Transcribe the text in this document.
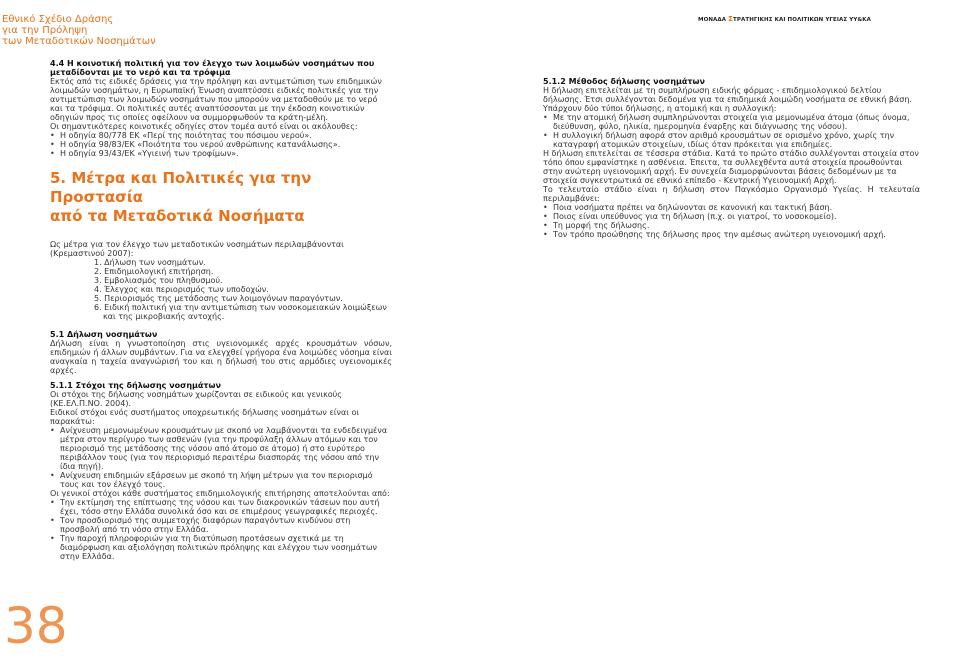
Εθνικό Σχέδιο Δράσης
για την Πρόληψη
των Μεταδοτικών Νοσημάτων
ΜΟΝΑΔΑ ΣΤΡΑΤΗΓΙΚΗΣ ΚΑΙ ΠΟΛΙΤΙΚΩΝ ΥΓΕΙΑΣ ΥΥ&ΚΑ
4.4 Η κοινοτική πολιτική για τον έλεγχο των λοιμωδών νοσημάτων που μεταδίδονται με το νερό και τα τρόφιμα

Εκτός από τις ειδικές δράσεις για την πρόληψη και αντιμετώπιση των επιδημικών λοιμωδών νοσημάτων, η Ευρωπαϊκή Ένωση αναπτύσσει ειδικές πολιτικές για την αντιμετώπιση των λοιμωδών νοσημάτων που μπορούν να μεταδοθούν με το νερό και τα τρόφιμα. Οι πολιτικές αυτές αναπτύσσονται με την έκδοση κοινοτικών οδηγιών προς τις οποίες οφείλουν να συμμορφωθούν τα κράτη-μέλη.

Οι σημαντικότερες κοινοτικές οδηγίες στον τομέα αυτό είναι οι ακόλουθες:

• Η οδηγία 80/778 ΕΚ «Περί της ποιότητας του πόσιμου νερού».
• Η οδηγία 98/83/ΕΚ «Ποιότητα του νερού ανθρώπινης κατανάλωσης».
• Η οδηγία 93/43/ΕΚ «Υγιεινή των τροφίμων».
5. Μέτρα και Πολιτικές για την Προστασία
από τα Μεταδοτικά Νοσήματα

Ως μέτρα για τον έλεγχο των μεταδοτικών νοσημάτων περιλαμβάνονται (Κρεμαστινού 2007):

1. Δήλωση των νοσημάτων.
2. Επιδημιολογική επιτήρηση.
3. Εμβολιασμός του πληθυσμού.
4. Έλεγχος και περιορισμός των υποδοχών.
5. Περιορισμός της μετάδοσης των λοιμογόνων παραγόντων.
6. Ειδική πολιτική για την αντιμετώπιση των νοσοκομειακών λοιμώξεων και της μικροβιακής αντοχής.
5.1 Δήλωση νοσημάτων

Δήλωση είναι η γνωστοποίηση στις υγειονομικές αρχές κρουσμάτων νόσων, επιδημιών ή άλλων συμβάντων. Για να ελεγχθεί γρήγορα ένα λοιμώδες νόσημα είναι αναγκαία η ταχεία αναγνώρισή του και η δήλωσή του στις αρμόδιες υγειονομικές αρχές.

5.1.1 Στόχοι της δήλωσης νοσημάτων

Οι στόχοι της δήλωσης νοσημάτων χωρίζονται σε ειδικούς και γενικούς (ΚΕ.ΕΛ.Π.ΝΟ. 2004).

Ειδικοί στόχοι ενός συστήματος υποχρεωτικής δήλωσης νοσημάτων είναι οι παρακάτω:

• Ανίχνευση μεμονωμένων κρουσμάτων με σκοπό να λαμβάνονται τα ενδεδειγμένα μέτρα στον περίγυρο των ασθενών (για την προφύλαξη άλλων ατόμων και τον περιορισμό της μετάδοσης της νόσου από άτομο σε άτομο) ή στο ευρύτερο περιβάλλον τους (για τον περιορισμό περαιτέρω διασποράς της νόσου από την ίδια πηγή).
• Ανίχνευση επιδημιών εξάρσεων με σκοπό τη λήψη μέτρων για τον περιορισμό τους και τον έλεγχό τους.

Οι γενικοί στόχοι κάθε συστήματος επιδημιολογικής επιτήρησης αποτελούνται από:

• Την εκτίμηση της επίπτωσης της νόσου και των διακρονικών τάσεων που αυτή έχει, τόσο στην Ελλάδα συνολικά όσο και σε επιμέρους γεωγραφικές περιοχές.
• Τον προσδιορισμό της συμμετοχής διαφόρων παραγόντων κινδύνου στη προσβολή από τη νόσο στην Ελλάδα.
• Την παροχή πληροφοριών για τη διατύπωση προτάσεων σχετικά με τη διαμόρφωση και αξιολόγηση πολιτικών πρόληψης και ελέγχου των νοσημάτων στην Ελλάδα.
5.1.2 Μέθοδος δήλωσης νοσημάτων

Η δήλωση επιτελείται με τη συμπλήρωση ειδικής φόρμας - επιδημιολογικού δελτίου δήλωσης. Έτσι συλλέγονται δεδομένα για τα επιδημικά λοιμώδη νοσήματα σε εθνική βάση.

Υπάρχουν δύο τύποι δήλωσης, η ατομική και η συλλογική:

• Με την ατομική δήλωση συμπληρώνονται στοιχεία για μεμονωμένα άτομα (όπως όνομα, διεύθυνση, φύλο, ηλικία, ημερομηνία έναρξης και διάγνωσης της νόσου).
• Η συλλογική δήλωση αφορά στον αριθμό κρουσμάτων σε ορισμένο χρόνο, χωρίς την καταγραφή ατομικών στοιχείων, ιδίως όταν πρόκειται για επιδημίες.

Η δήλωση επιτελείται σε τέσσερα στάδια. Κατά το πρώτο στάδιο συλλέγονται στοιχεία στον τόπο όπου εμφανίστηκε η ασθένεια. Έπειτα, τα συλλεχθέντα αυτά στοιχεία προωθούνται στην ανώτερη υγειονομική αρχή. Εν συνεχεία διαμορφώνονται βάσεις δεδομένων με τα στοιχεία συγκεντρωτικά σε εθνικό επίπεδο - Κεντρική Υγειονομική Αρχή.

Το τελευταίο στάδιο είναι η δήλωση στον Παγκόσμιο Οργανισμό Υγείας. Η τελευταία περιλαμβάνει:

• Ποια νοσήματα πρέπει να δηλώνονται σε κανονική και τακτική βάση.
• Ποιος είναι υπεύθυνος για τη δήλωση (π.χ. οι γιατροί, το νοσοκομείο).
• Τη μορφή της δήλωσης.
• Τον τρόπο προώθησης της δήλωσης προς την αμέσως ανώτερη υγειονομική αρχή.
38
